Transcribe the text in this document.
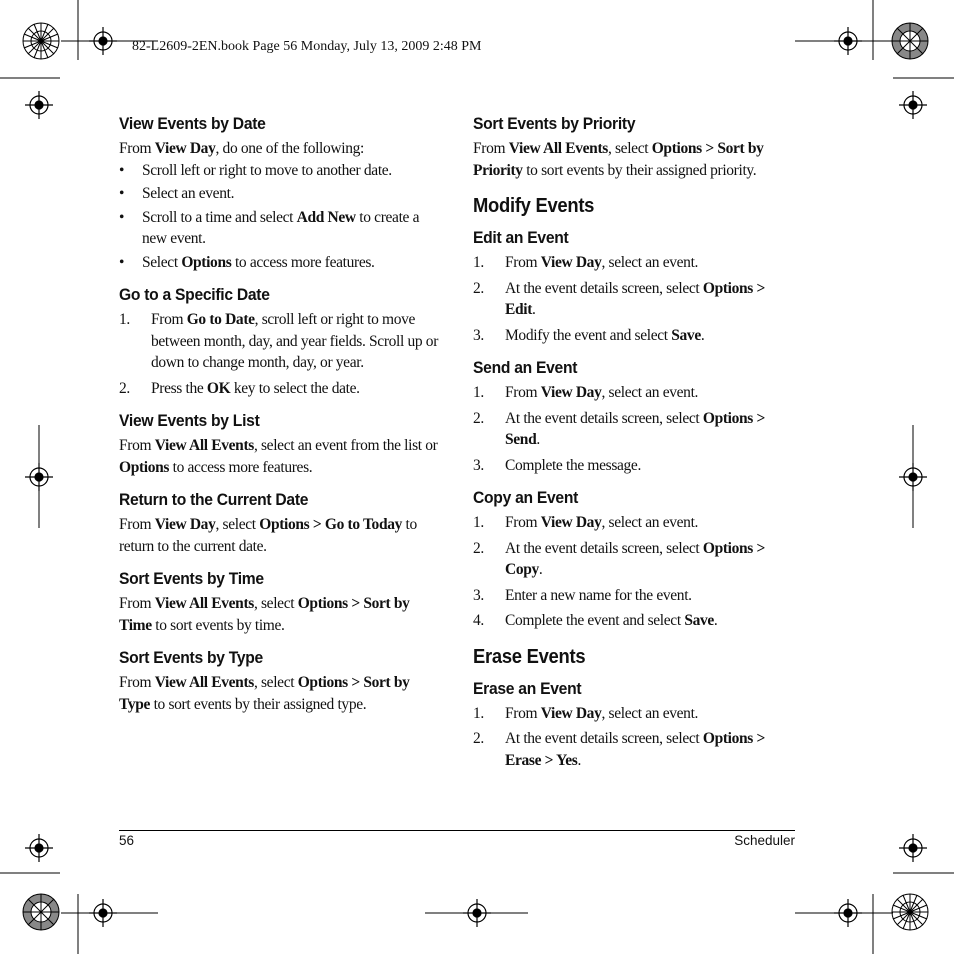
82-L2609-2EN.book Page 56 Monday, July 13, 2009 2:48 PM
View Events by Date

From View Day, do one of the following:

• Scroll left or right to move to another date.
• Select an event.
• Scroll to a time and select Add New to create a new event.
• Select Options to access more features.
Go to a Specific Date
1. From Go to Date, scroll left or right to move between month, day, and year fields. Scroll up or down to change month, day, or year.
2. Press the OK key to select the date.
View Events by List

From View All Events, select an event from the list or Options to access more features.

Return to the Current Date

From View Day, select Options > Go to Today to return to the current date.

Sort Events by Time

From View All Events, select Options > Sort by Time to sort events by time.

Sort Events by Type

From View All Events, select Options > Sort by Type to sort events by their assigned type.

Sort Events by Priority

From View All Events, select Options > Sort by Priority to sort events by their assigned priority.

Modify Events
Edit an Event
1. From View Day, select an event.
2. At the event details screen, select Options > Edit.
3. Modify the event and select Save.
Send an Event
1. From View Day, select an event.
2. At the event details screen, select Options > Send.
3. Complete the message.
Copy an Event
1. From View Day, select an event.
2. At the event details screen, select Options > Copy.
3. Enter a new name for the event.
4. Complete the event and select Save.
Erase Events
Erase an Event
1. From View Day, select an event.
2. At the event details screen, select Options > Erase > Yes.
56	Scheduler
